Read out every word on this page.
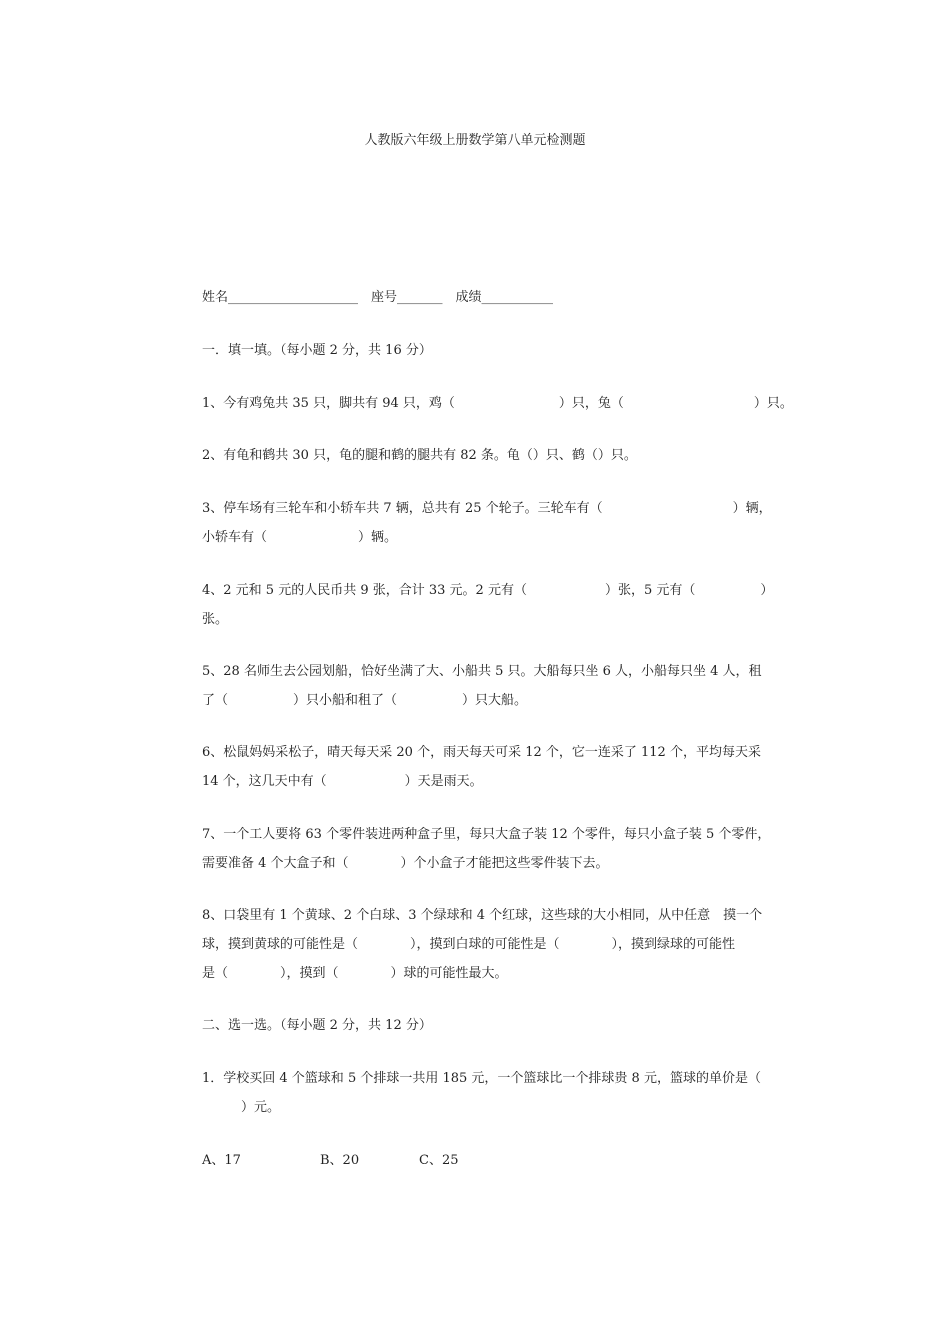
人教版六年级上册数学第八单元检测题
姓名____________________　座号_______　成绩___________
一．填一填。（每小题 2 分，共 16 分）
1、今有鸡兔共 35 只，脚共有 94 只，鸡（　　　　　　　　）只，兔（　　　　　　　　　　）只。
2、有龟和鹤共 30 只，龟的腿和鹤的腿共有 82 条。龟（）只、鹤（）只。
3、停车场有三轮车和小轿车共 7 辆，总共有 25 个轮子。三轮车有（　　　　　　　　　　）辆，
小轿车有（　　　　　　　）辆。
4、2 元和 5 元的人民币共 9 张，合计 33 元。2 元有（　　　　　　）张，5 元有（　　　　　）
张。
5、28 名师生去公园划船，恰好坐满了大、小船共 5 只。大船每只坐 6 人，小船每只坐 4 人，租
了（　　　　　）只小船和租了（　　　　　）只大船。
6、松鼠妈妈采松子，晴天每天采 20 个，雨天每天可采 12 个，它一连采了 112 个，平均每天采
14 个，这几天中有（　　　　　　）天是雨天。
7、一个工人要将 63 个零件装进两种盒子里，每只大盒子装 12 个零件，每只小盒子装 5 个零件，
需要准备 4 个大盒子和（　　　　）个小盒子才能把这些零件装下去。
8、口袋里有 1 个黄球、2 个白球、3 个绿球和 4 个红球，这些球的大小相同，从中任意　摸一个
球，摸到黄球的可能性是（　　　　），摸到白球的可能性是（　　　　），摸到绿球的可能性
是（　　　　），摸到（　　　　）球的可能性最大。
二、选一选。（每小题 2 分，共 12 分）
1．学校买回 4 个篮球和 5 个排球一共用 185 元，一个篮球比一个排球贵 8 元，篮球的单价是（
　　　）元。
A、17	B、20	C、25
